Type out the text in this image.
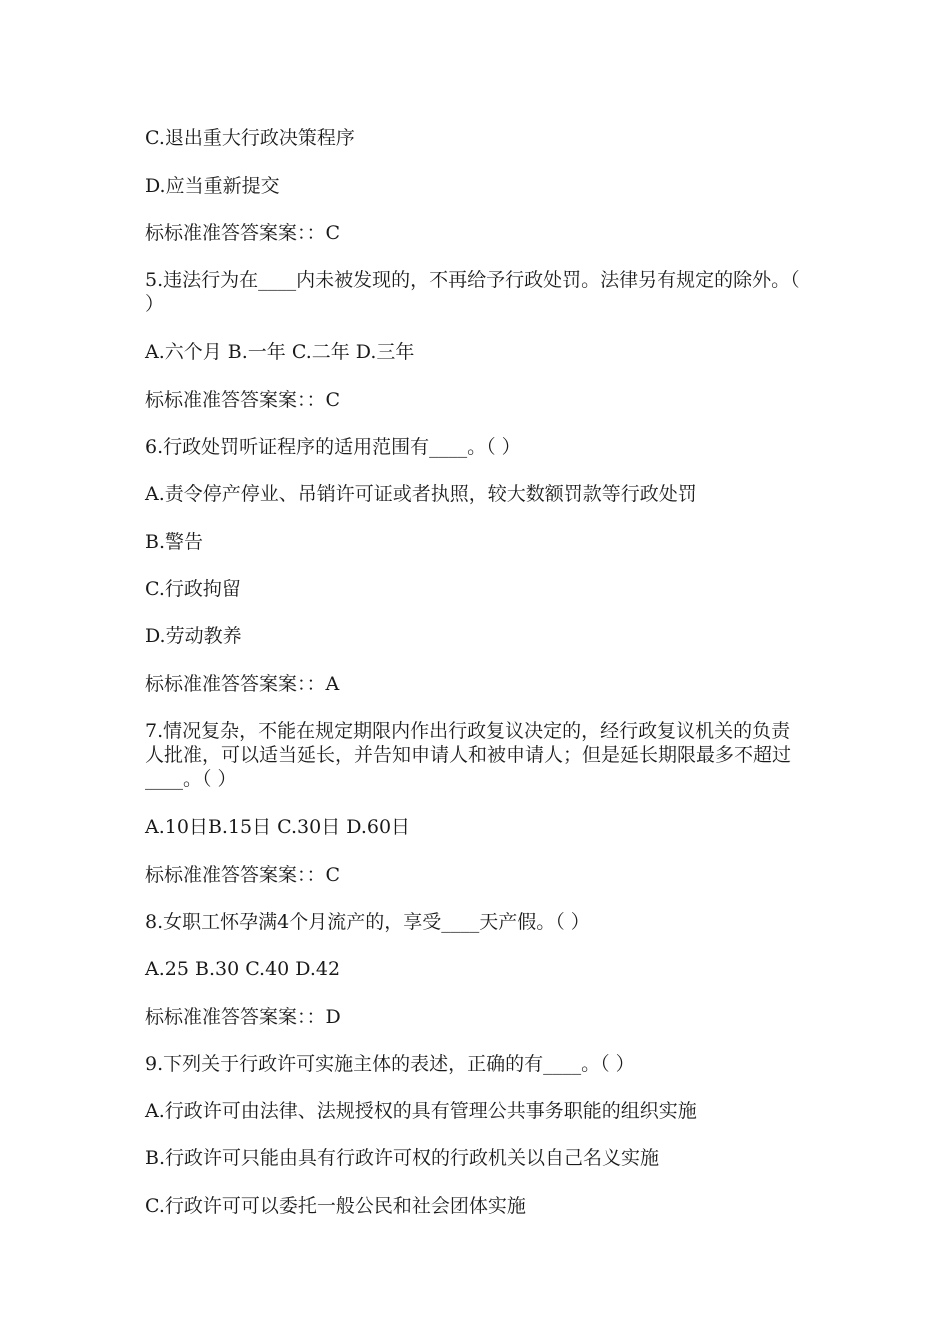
C.退出重大行政决策程序
D.应当重新提交
标标准准答答案案：：C
5.违法行为在____内未被发现的，不再给予行政处罚。法律另有规定的除外。（ ）
A.六个月 B.一年 C.二年 D.三年
标标准准答答案案：：C
6.行政处罚听证程序的适用范围有____。（ ）
A.责令停产停业、吊销许可证或者执照，较大数额罚款等行政处罚
B.警告
C.行政拘留
D.劳动教养
标标准准答答案案：：A
7.情况复杂，不能在规定期限内作出行政复议决定的，经行政复议机关的负责人批准，可以适当延长，并告知申请人和被申请人；但是延长期限最多不超过____。（ ）
A.10日B.15日 C.30日 D.60日
标标准准答答案案：：C
8.女职工怀孕满4个月流产的，享受____天产假。（ ）
A.25 B.30 C.40 D.42
标标准准答答案案：：D
9.下列关于行政许可实施主体的表述，正确的有____。（ ）
A.行政许可由法律、法规授权的具有管理公共事务职能的组织实施
B.行政许可只能由具有行政许可权的行政机关以自己名义实施
C.行政许可可以委托一般公民和社会团体实施
